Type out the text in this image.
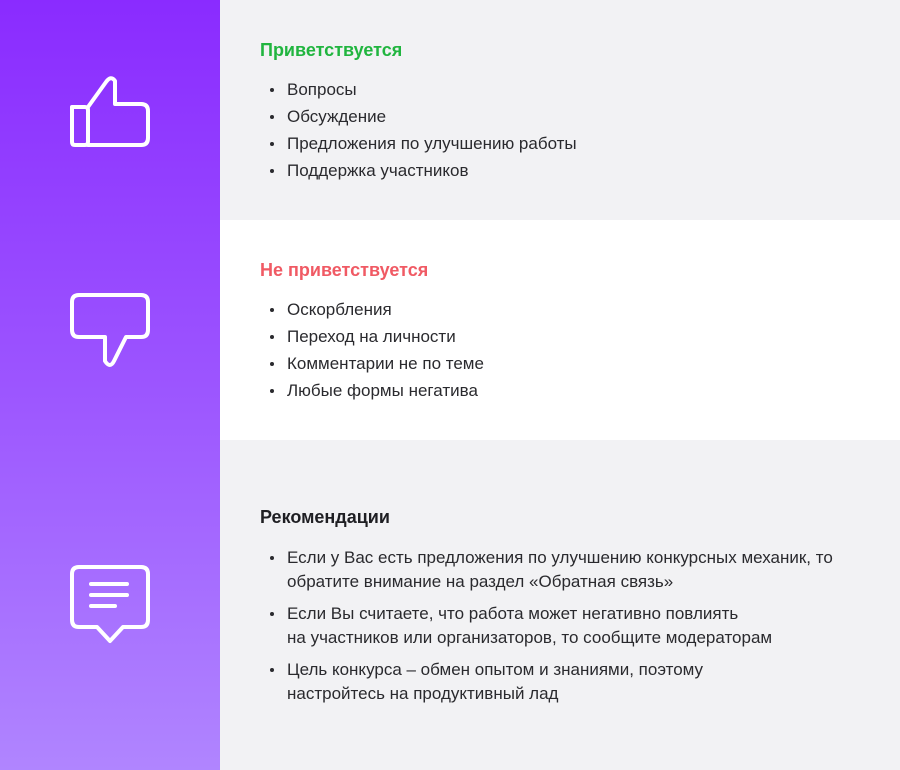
Приветствуется
Вопросы
Обсуждение
Предложения по улучшению работы
Поддержка участников
Не приветствуется
Оскорбления
Переход на личности
Комментарии не по теме
Любые формы негатива
Рекомендации
Если у Вас есть предложения по улучшению конкурсных механик, то
обратите внимание на раздел «Обратная связь»
Если Вы считаете, что работа может негативно повлиять
на участников или организаторов, то сообщите модераторам
Цель конкурса – обмен опытом и знаниями, поэтому
настройтесь на продуктивный лад
